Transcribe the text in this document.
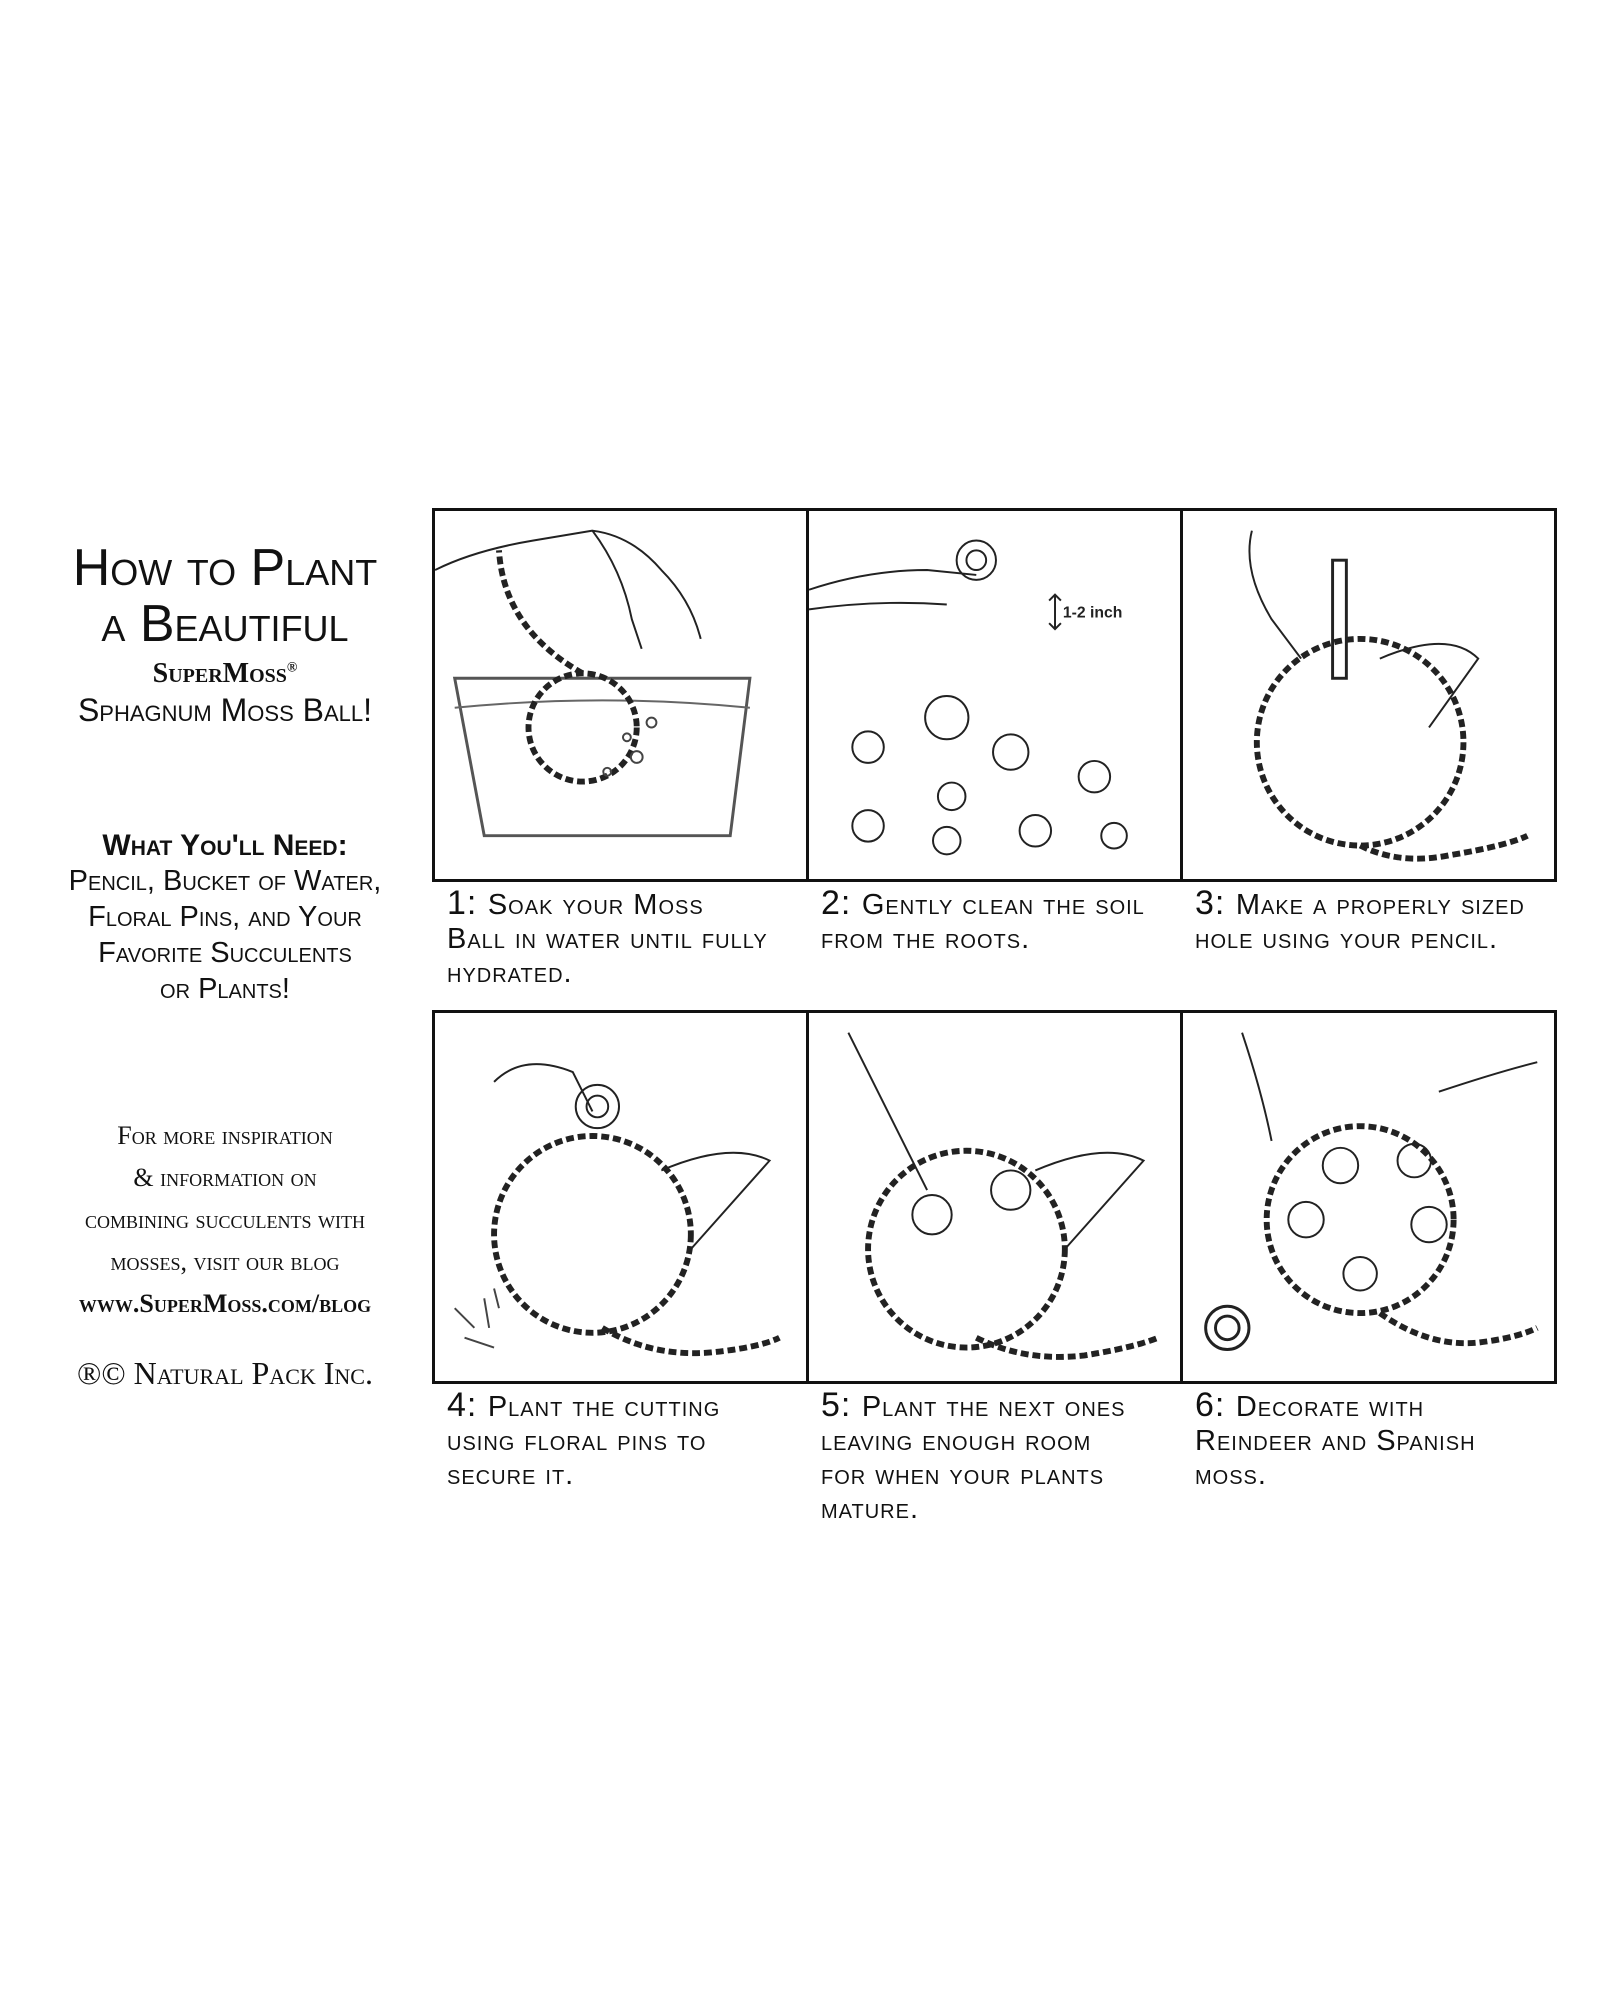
How to Plant
a Beautiful
SuperMoss®
Sphagnum Moss Ball!
What You'll Need:
Pencil, Bucket of Water,
Floral Pins, and Your
Favorite Succulents
or Plants!
For more inspiration
& information on
combining succulents with
mosses, visit our blog
www.SuperMoss.com/blog
®© Natural Pack Inc.
1-2 inch
1: Soak your Moss
Ball in water until fully
hydrated.
2: Gently clean the soil
from the roots.
3: Make a properly sized
hole using your pencil.
4: Plant the cutting
using floral pins to
secure it.
5: Plant the next ones
leaving enough room
for when your plants
mature.
6: Decorate with
Reindeer and Spanish
moss.
